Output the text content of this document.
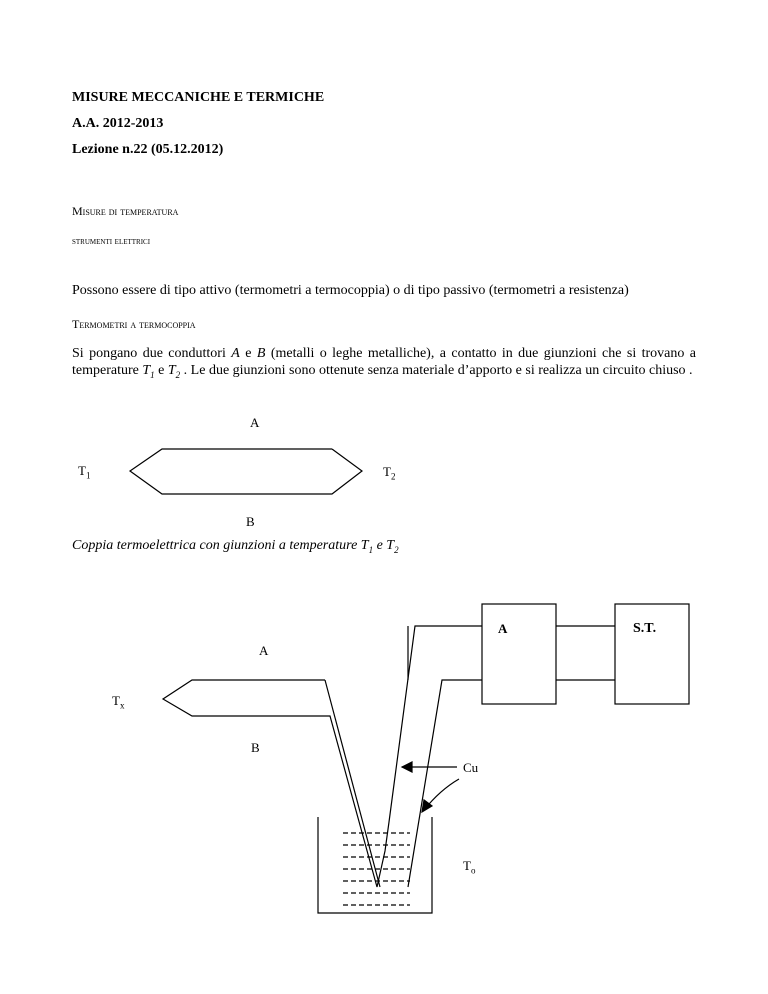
MISURE MECCANICHE E TERMICHE
A.A. 2012-2013
Lezione n.22 (05.12.2012)
Misure di temperatura
strumenti elettrici
Possono essere di tipo attivo (termometri a termocoppia) o di tipo passivo (termometri a resistenza)
Termometri a termocoppia
Si pongano due conduttori A e B (metalli o leghe metalliche), a contatto in due giunzioni che si trovano a temperature $T_1$ e $T_2$ . Le due giunzioni sono ottenute senza materiale d’apporto e si realizza un circuito chiuso .
A
$T_1$	$T_2$
B
Coppia termoelettrica con giunzioni a temperature $T_1$ e $T_2$
A
$T_x$
B
Cu
$T_o$
A	S.T.
